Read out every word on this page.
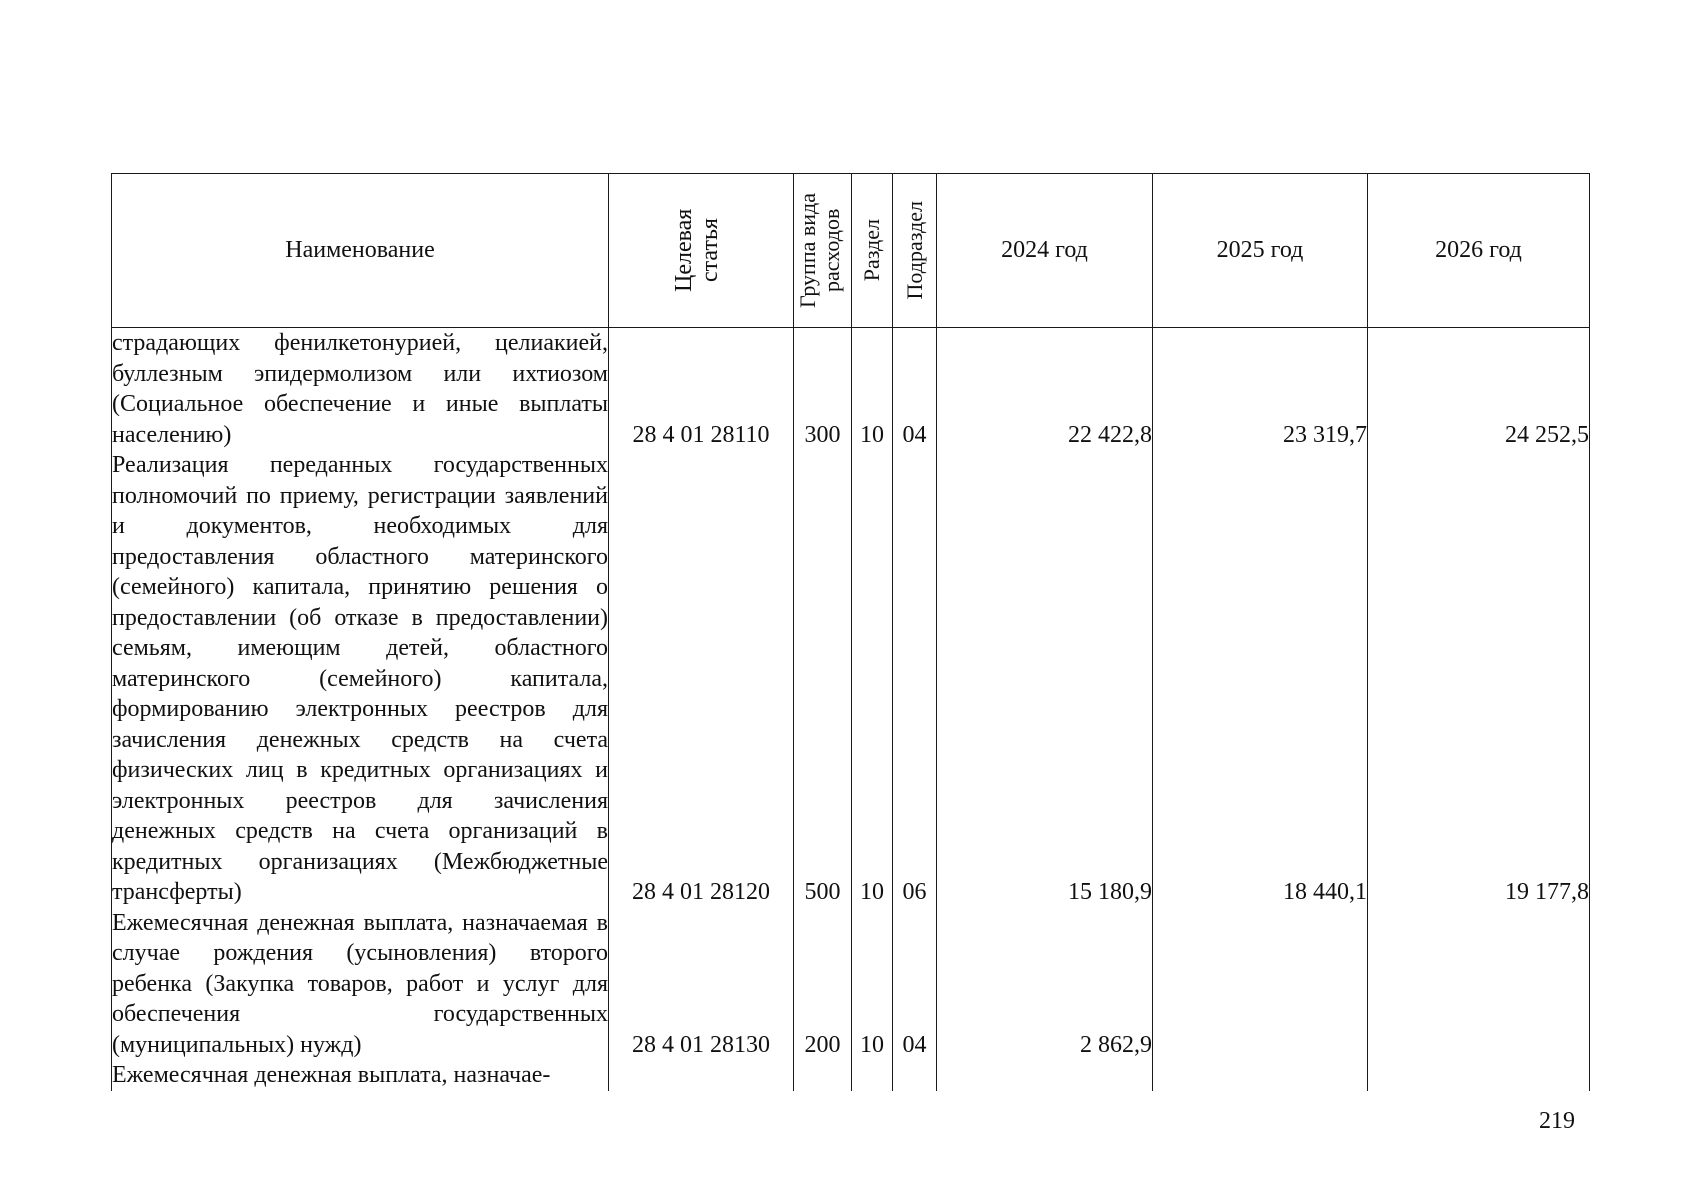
Наименование	Целевая статья	Группа вида расходов	Раздел	Подраздел	2024 год	2025 год	2026 год

страдающих фенилкетонурией, целиакией, буллезным эпидермолизом или ихтиозом (Социальное обеспечение и иные выплаты населению)	28 4 01 28110	300	10	04	22 422,8	23 319,7	24 252,5

Реализация переданных государственных полномочий по приему, регистрации заявлений и документов, необходимых для предоставления областного материнского (семейного) капитала, принятию решения о предоставлении (об отказе в предоставлении) семьям, имеющим детей, областного материнского (семейного) капитала, формированию электронных реестров для зачисления денежных средств на счета физических лиц в кредитных организациях и электронных реестров для зачисления денежных средств на счета организаций в кредитных организациях (Межбюджетные трансферты)	28 4 01 28120	500	10	06	15 180,9	18 440,1	19 177,8

Ежемесячная денежная выплата, назначаемая в случае рождения (усыновления) второго ребенка (Закупка товаров, работ и услуг для обеспечения государственных (муниципальных) нужд)	28 4 01 28130	200	10	04	2 862,9		

Ежемесячная денежная выплата, назначае-							

219
